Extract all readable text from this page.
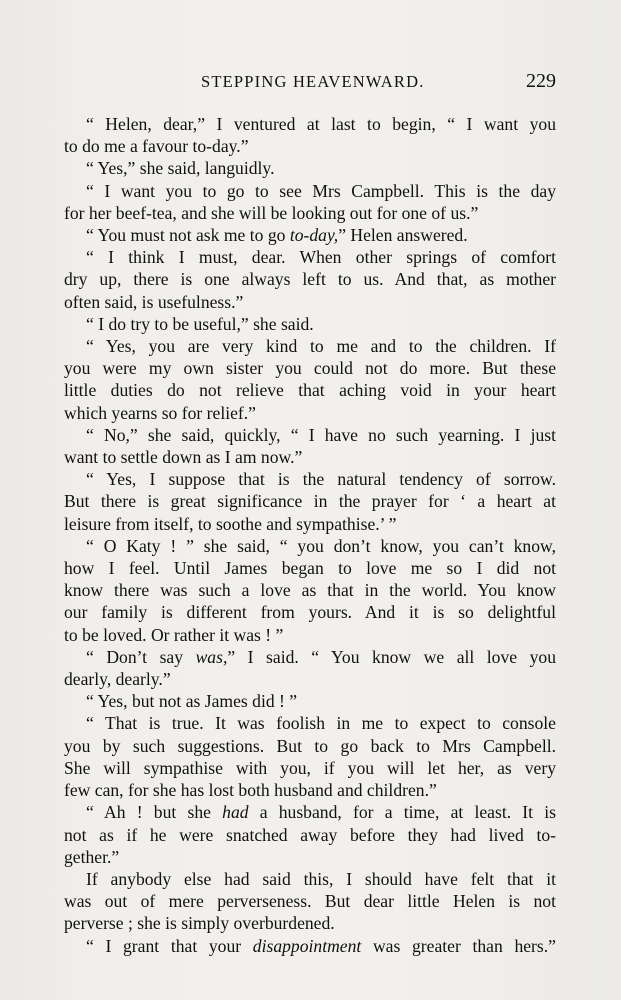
STEPPING HEAVENWARD.	229
“ Helen, dear,” I ventured at last to begin, “ I want you
to do me a favour to-day.”
“ Yes,” she said, languidly.
“ I want you to go to see Mrs Campbell. This is the day
for her beef-tea, and she will be looking out for one of us.”
“ You must not ask me to go to-day,” Helen answered.
“ I think I must, dear. When other springs of comfort
dry up, there is one always left to us. And that, as mother
often said, is usefulness.”
“ I do try to be useful,” she said.
“ Yes, you are very kind to me and to the children. If
you were my own sister you could not do more. But these
little duties do not relieve that aching void in your heart
which yearns so for relief.”
“ No,” she said, quickly, “ I have no such yearning. I just
want to settle down as I am now.”
“ Yes, I suppose that is the natural tendency of sorrow.
But there is great significance in the prayer for ‘ a heart at
leisure from itself, to soothe and sympathise.’ ”
“ O Katy ! ” she said, “ you don’t know, you can’t know,
how I feel. Until James began to love me so I did not
know there was such a love as that in the world. You know
our family is different from yours. And it is so delightful
to be loved. Or rather it was ! ”
“ Don’t say was,” I said. “ You know we all love you
dearly, dearly.”
“ Yes, but not as James did ! ”
“ That is true. It was foolish in me to expect to console
you by such suggestions. But to go back to Mrs Campbell.
She will sympathise with you, if you will let her, as very
few can, for she has lost both husband and children.”
“ Ah ! but she had a husband, for a time, at least. It is
not as if he were snatched away before they had lived to-
gether.”
If anybody else had said this, I should have felt that it
was out of mere perverseness. But dear little Helen is not
perverse ; she is simply overburdened.
“ I grant that your disappointment was greater than hers.”
